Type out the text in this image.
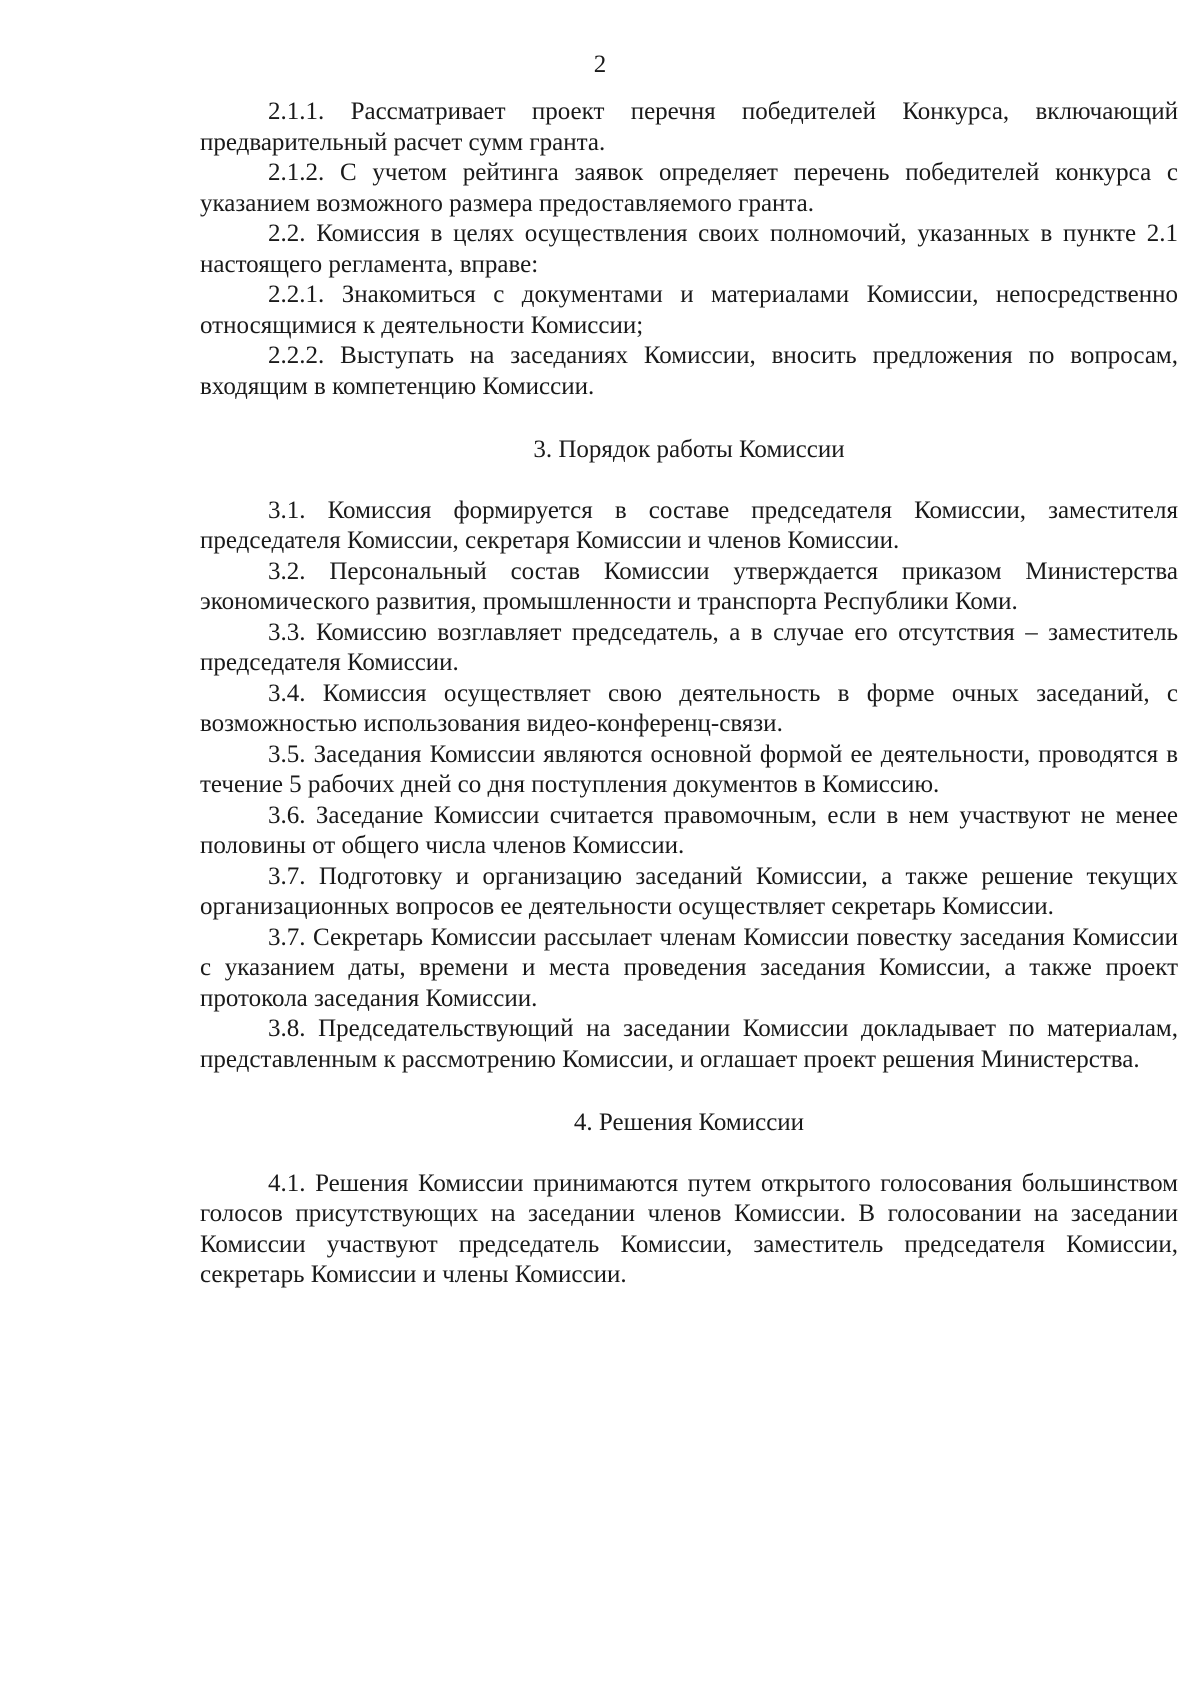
2

2.1.1. Рассматривает проект перечня победителей Конкурса, включающий предварительный расчет сумм гранта.

2.1.2. С учетом рейтинга заявок определяет перечень победителей конкурса с указанием возможного размера предоставляемого гранта.

2.2. Комиссия в целях осуществления своих полномочий, указанных в пункте 2.1 настоящего регламента, вправе:

2.2.1. Знакомиться с документами и материалами Комиссии, непосредственно относящимися к деятельности Комиссии;

2.2.2. Выступать на заседаниях Комиссии, вносить предложения по вопросам, входящим в компетенцию Комиссии.

3. Порядок работы Комиссии

3.1. Комиссия формируется в составе председателя Комиссии, заместителя председателя Комиссии, секретаря Комиссии и членов Комиссии.

3.2. Персональный состав Комиссии утверждается приказом Министерства экономического развития, промышленности и транспорта Республики Коми.

3.3. Комиссию возглавляет председатель, а в случае его отсутствия – заместитель председателя Комиссии.

3.4. Комиссия осуществляет свою деятельность в форме очных заседаний, с возможностью использования видео-конференц-связи.

3.5. Заседания Комиссии являются основной формой ее деятельности, проводятся в течение 5 рабочих дней со дня поступления документов в Комиссию.

3.6. Заседание Комиссии считается правомочным, если в нем участвуют не менее половины от общего числа членов Комиссии.

3.7. Подготовку и организацию заседаний Комиссии, а также решение текущих организационных вопросов ее деятельности осуществляет секретарь Комиссии.

3.7. Секретарь Комиссии рассылает членам Комиссии повестку заседания Комиссии с указанием даты, времени и места проведения заседания Комиссии, а также проект протокола заседания Комиссии.

3.8. Председательствующий на заседании Комиссии докладывает по материалам, представленным к рассмотрению Комиссии, и оглашает проект решения Министерства.

4. Решения Комиссии

4.1. Решения Комиссии принимаются путем открытого голосования большинством голосов присутствующих на заседании членов Комиссии. В голосовании на заседании Комиссии участвуют председатель Комиссии, заместитель председателя Комиссии, секретарь Комиссии и члены Комиссии.
